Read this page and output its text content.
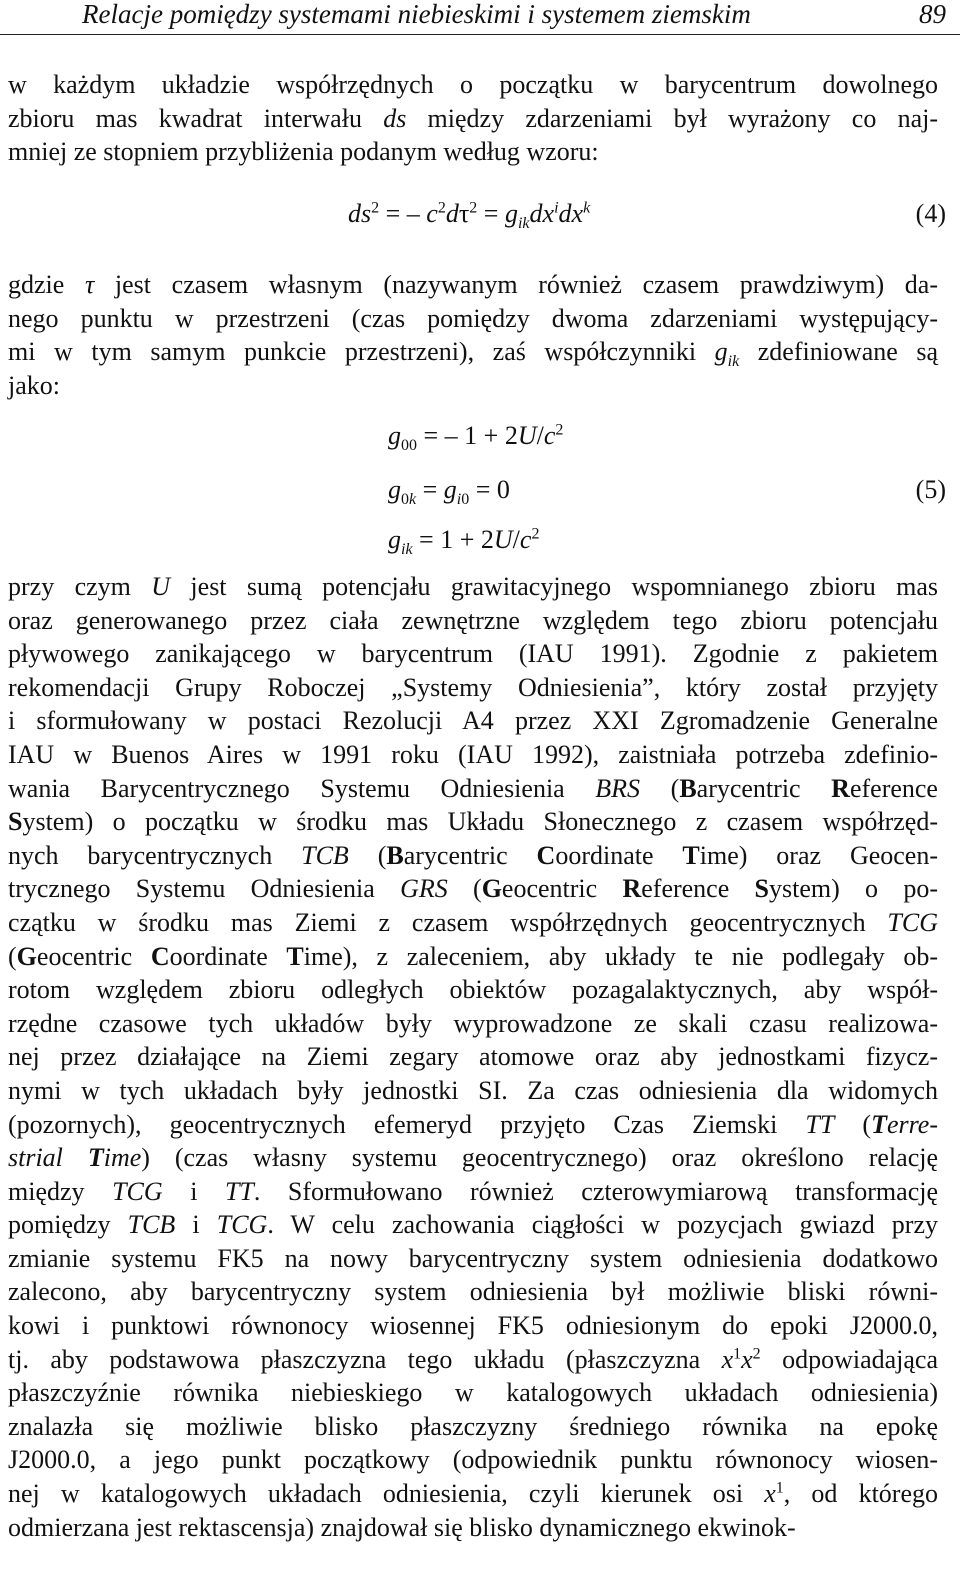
Relacje pomiędzy systemami niebieskimi i systemem ziemskim	89
w każdym układzie współrzędnych o początku w barycentrum dowolnego
zbioru mas kwadrat interwału ds między zdarzeniami był wyrażony co naj-
mniej ze stopniem przybliżenia podanym według wzoru:
$ds^2$ = – $c^2d\tau^2 = g_{ik}dx^idx^k$	(4)
gdzie τ jest czasem własnym (nazywanym również czasem prawdziwym) da-
nego punktu w przestrzeni (czas pomiędzy dwoma zdarzeniami występujący-
mi w tym samym punkcie przestrzeni), zaś współczynniki $g_{ik}$ zdefiniowane są
jako:
$g_{00}$ = – $1 + 2U/c^2$
$g_{0k} = g_{i0} = 0$	(5)
$g_{ik} = 1 + 2U/c^2$
przy czym U jest sumą potencjału grawitacyjnego wspomnianego zbioru mas
oraz generowanego przez ciała zewnętrzne względem tego zbioru potencjału
pływowego zanikającego w barycentrum (IAU 1991). Zgodnie z pakietem
rekomendacji Grupy Roboczej „Systemy Odniesienia”, który został przyjęty
i sformułowany w postaci Rezolucji A4 przez XXI Zgromadzenie Generalne
IAU w Buenos Aires w 1991 roku (IAU 1992), zaistniała potrzeba zdefinio-
wania Barycentrycznego Systemu Odniesienia BRS (Barycentric Reference
System) o początku w środku mas Układu Słonecznego z czasem współrzęd-
nych barycentrycznych TCB (Barycentric Coordinate Time) oraz Geocen-
trycznego Systemu Odniesienia GRS (Geocentric Reference System) o po-
czątku w środku mas Ziemi z czasem współrzędnych geocentrycznych TCG
(Geocentric Coordinate Time), z zaleceniem, aby układy te nie podlegały ob-
rotom względem zbioru odległych obiektów pozagalaktycznych, aby współ-
rzędne czasowe tych układów były wyprowadzone ze skali czasu realizowa-
nej przez działające na Ziemi zegary atomowe oraz aby jednostkami fizycz-
nymi w tych układach były jednostki SI. Za czas odniesienia dla widomych
(pozornych), geocentrycznych efemeryd przyjęto Czas Ziemski TT (Terre-
strial Time) (czas własny systemu geocentrycznego) oraz określono relację
między TCG i TT. Sformułowano również czterowymiarową transformację
pomiędzy TCB i TCG. W celu zachowania ciągłości w pozycjach gwiazd przy
zmianie systemu FK5 na nowy barycentryczny system odniesienia dodatkowo
zalecono, aby barycentryczny system odniesienia był możliwie bliski równi-
kowi i punktowi równonocy wiosennej FK5 odniesionym do epoki J2000.0,
tj. aby podstawowa płaszczyzna tego układu (płaszczyzna $x^1x^2$ odpowiadająca
płaszczyźnie równika niebieskiego w katalogowych układach odniesienia)
znalazła się możliwie blisko płaszczyzny średniego równika na epokę
J2000.0, a jego punkt początkowy (odpowiednik punktu równonocy wiosen-
nej w katalogowych układach odniesienia, czyli kierunek osi $x^1$, od którego
odmierzana jest rektascensja) znajdował się blisko dynamicznego ekwinok-
